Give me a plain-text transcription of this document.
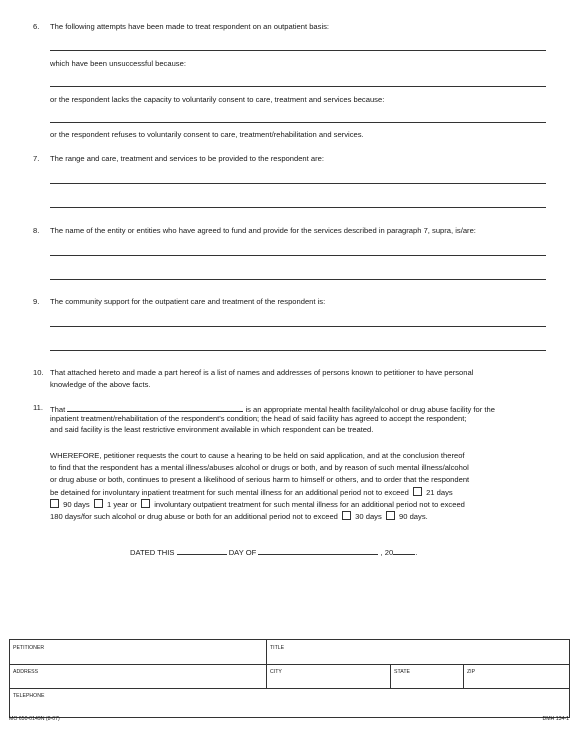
6. The following attempts have been made to treat respondent on an outpatient basis:
which have been unsuccessful because:
or the respondent lacks the capacity to voluntarily consent to care, treatment and services because:
or the respondent refuses to voluntarily consent to care, treatment/rehabilitation and services.
7. The range and care, treatment and services to be provided to the respondent are:
8. The name of the entity or entities who have agreed to fund and provide for the services described in paragraph 7, supra, is/are:
9. The community support for the outpatient care and treatment of the respondent is:
10. That attached hereto and made a part hereof is a list of names and addresses of persons known to petitioner to have personal
knowledge of the above facts.
11. That	is an appropriate mental health facility/alcohol or drug abuse facility for the
inpatient treatment/rehabilitation of the respondent's condition; the head of said facility has agreed to accept the respondent;
and said facility is the least restrictive environment available in which respondent can be treated.
WHEREFORE, petitioner requests the court to cause a hearing to be held on said application, and at the conclusion thereof
to find that the respondent has a mental illness/abuses alcohol or drugs or both, and by reason of such mental illness/alcohol
or drug abuse or both, continues to present a likelihood of serious harm to himself or others, and to order that the respondent
be detained for involuntary inpatient treatment for such mental illness for an additional period not to exceed 21 days
90 days 1 year or involuntary outpatient treatment for such mental illness for an additional period not to exceed
180 days/for such alcohol or drug abuse or both for an additional period not to exceed 30 days 90 days.
DATED THIS	DAY OF	, 20	.
PETITIONER	TITLE
ADDRESS	CITY	STATE	ZIP
TELEPHONE
MO 650-0149N (8-07)	DMH 134-1
